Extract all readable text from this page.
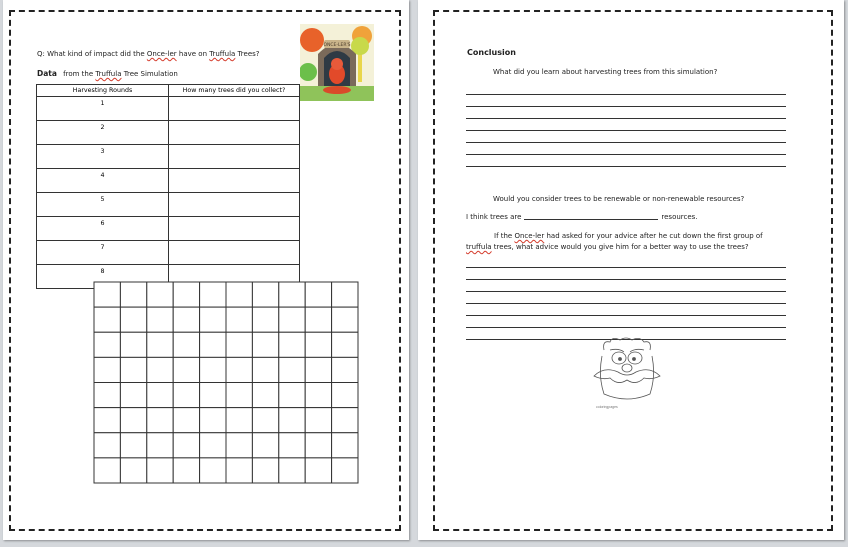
Q: What kind of impact did the Once-ler have on Truffula Trees?
Data from the Truffula Tree Simulation
ONCE-LER'S
Harvesting Rounds	How many trees did you collect?
1	
2	
3	
4	
5	
6	
7	
8	
Conclusion
What did you learn about harvesting trees from this simulation?
Would you consider trees to be renewable or non-renewable resources?
I think trees are	resources.
If the Once-ler had asked for your advice after he cut down the first group of truffula trees, what advice would you give him for a better way to use the trees?
coloringpages
